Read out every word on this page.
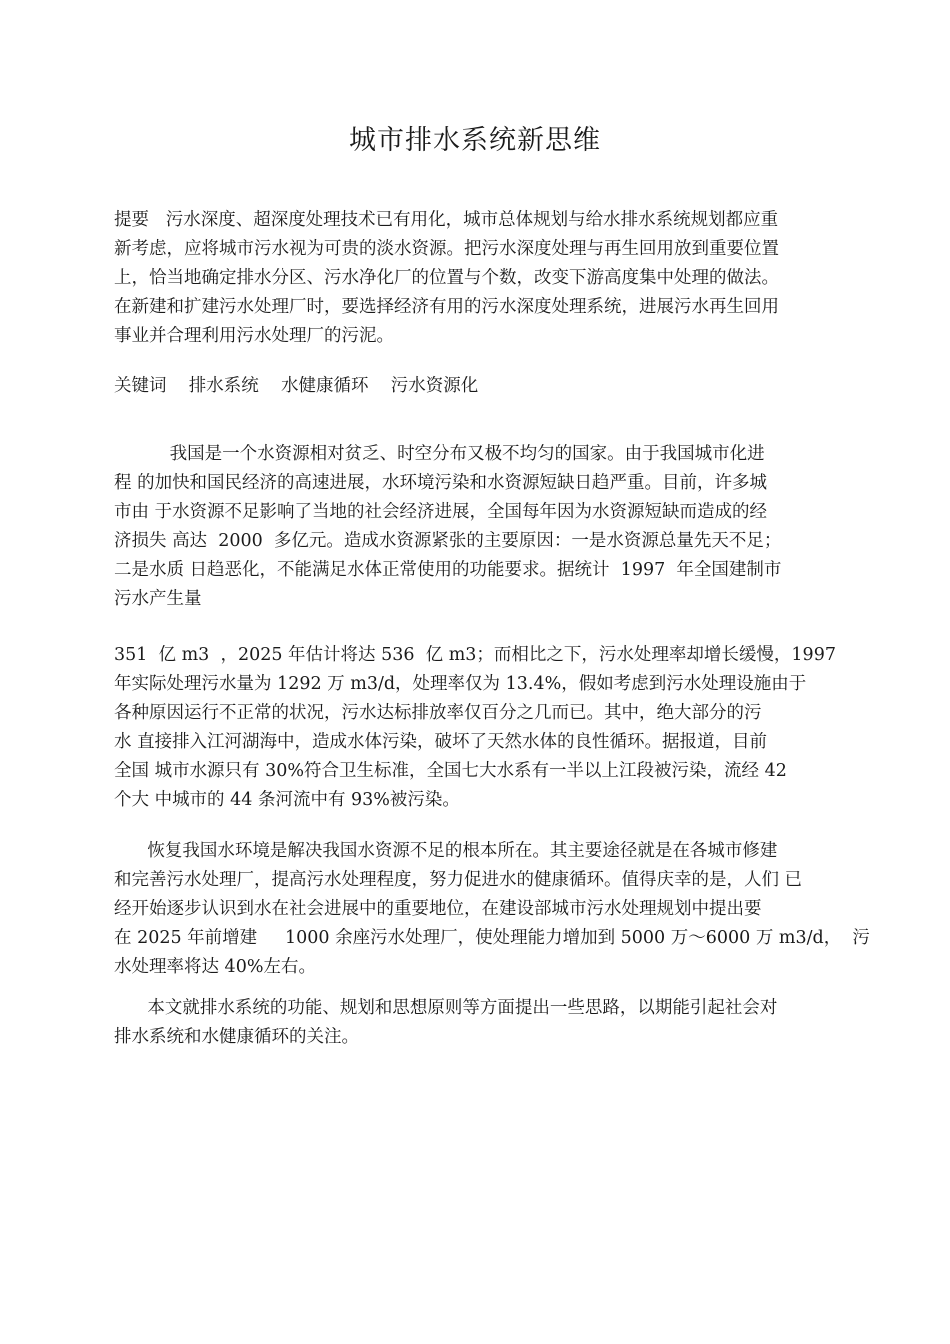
城市排水系统新思维
提要   污水深度、超深度处理技术已有用化，城市总体规划与给水排水系统规划都应重
新考虑，应将城市污水视为可贵的淡水资源。把污水深度处理与再生回用放到重要位置
上，恰当地确定排水分区、污水净化厂的位置与个数，改变下游高度集中处理的做法。
在新建和扩建污水处理厂时，要选择经济有用的污水深度处理系统，进展污水再生回用
事业并合理利用污水处理厂的污泥。
关键词    排水系统    水健康循环    污水资源化
我国是一个水资源相对贫乏、时空分布又极不均匀的国家。由于我国城市化进
程 的加快和国民经济的高速进展，水环境污染和水资源短缺日趋严重。目前，许多城
市由 于水资源不足影响了当地的社会经济进展，全国每年因为水资源短缺而造成的经
济损失 高达  2000  多亿元。造成水资源紧张的主要原因：一是水资源总量先天不足；
二是水质 日趋恶化，不能满足水体正常使用的功能要求。据统计  1997  年全国建制市
污水产生量
351  亿 m3  ，2025 年估计将达 536  亿 m3；而相比之下，污水处理率却增长缓慢，1997
年实际处理污水量为 1292 万 m3/d，处理率仅为 13.4%，假如考虑到污水处理设施由于
各种原因运行不正常的状况，污水达标排放率仅百分之几而已。其中，绝大部分的污
水 直接排入江河湖海中，造成水体污染，破坏了天然水体的良性循环。据报道，目前
全国 城市水源只有 30%符合卫生标准，全国七大水系有一半以上江段被污染，流经 42
个大 中城市的 44 条河流中有 93%被污染。
恢复我国水环境是解决我国水资源不足的根本所在。其主要途径就是在各城市修建
和完善污水处理厂，提高污水处理程度，努力促进水的健康循环。值得庆幸的是，人们 已
经开始逐步认识到水在社会进展中的重要地位，在建设部城市污水处理规划中提出要
在 2025 年前增建     1000 余座污水处理厂，使处理能力增加到 5000 万～6000 万 m3/d，  污
水处理率将达 40%左右。
本文就排水系统的功能、规划和思想原则等方面提出一些思路，以期能引起社会对
排水系统和水健康循环的关注。
